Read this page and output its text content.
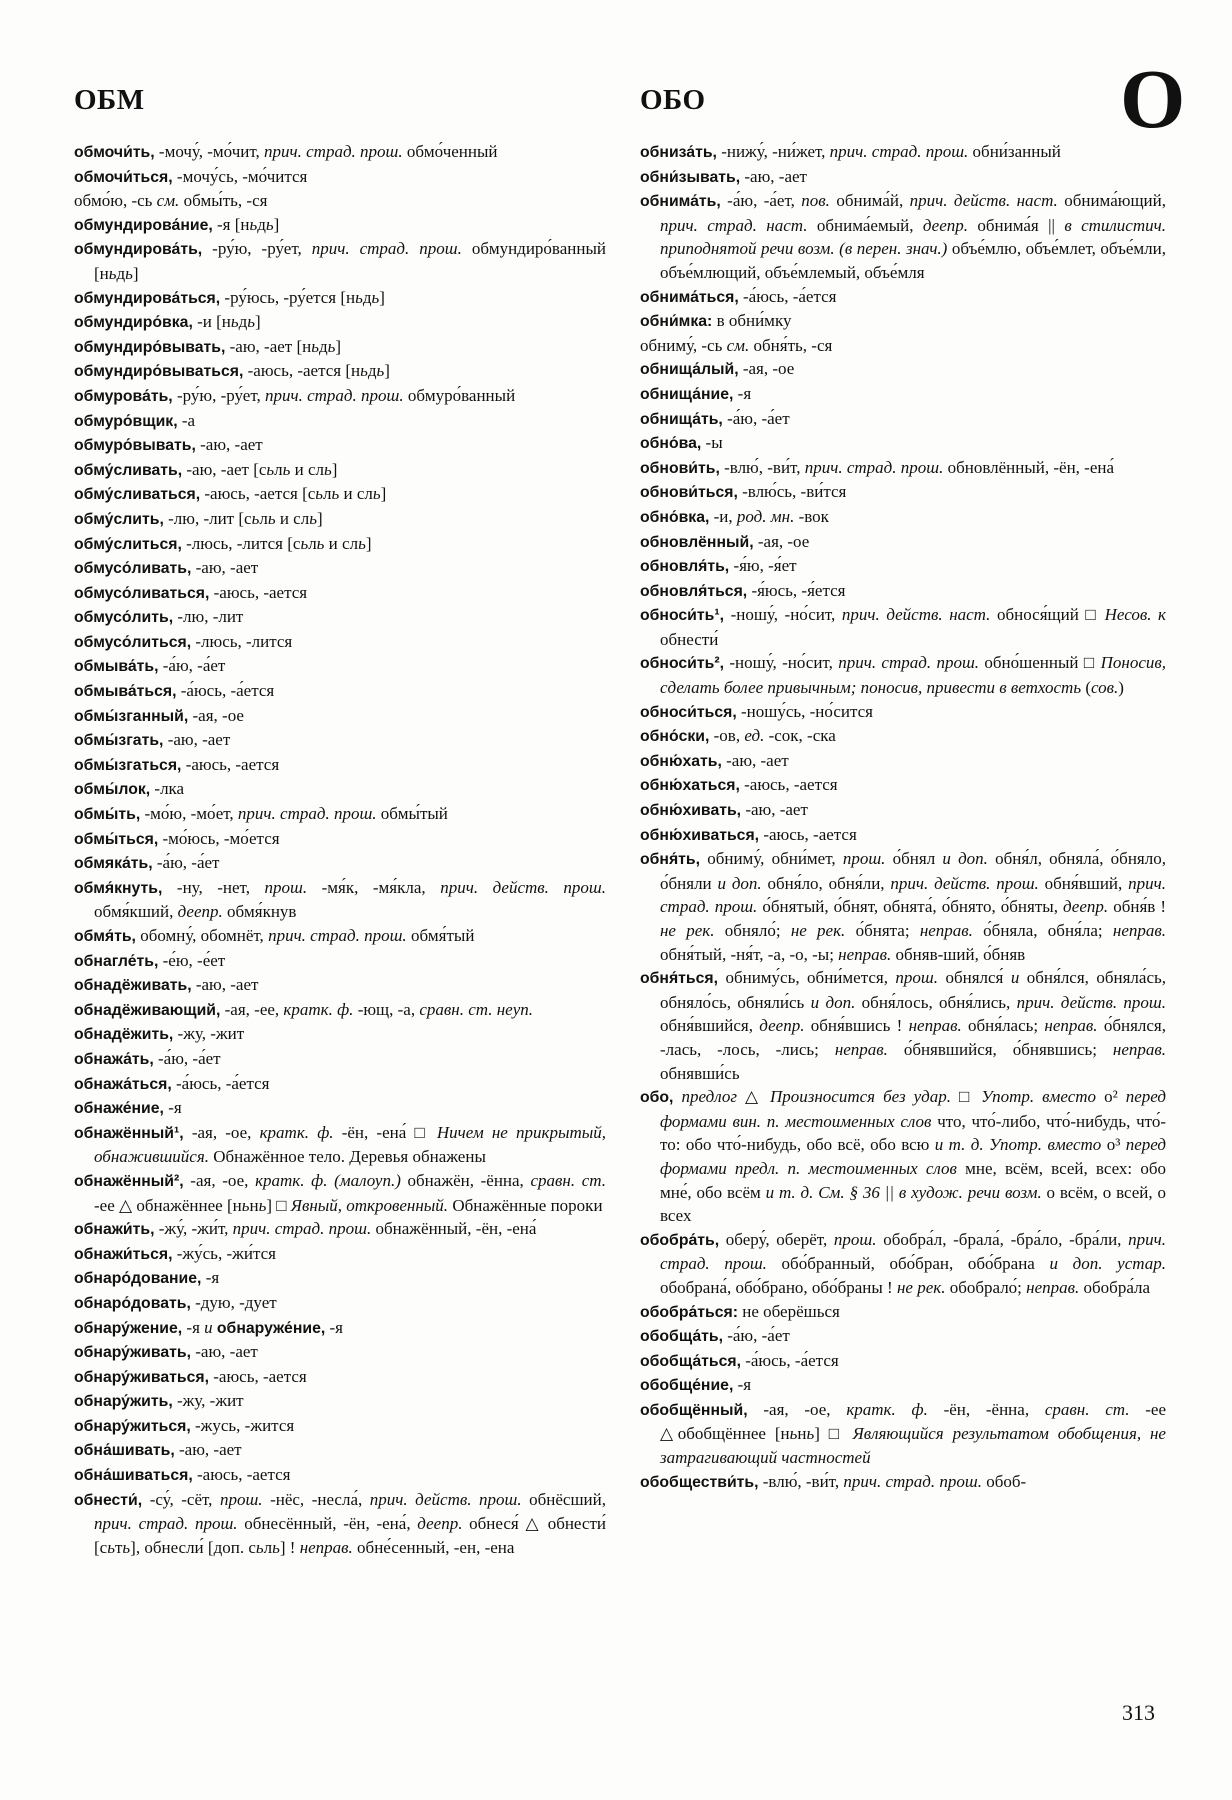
ОБМ	ОБО	О

обмочи́ть, -мочу́, -мо́чит, прич. страд. прош. обмо́ченный

обмочи́ться, -мочу́сь, -мо́чится

обмо́ю, -сь см. обмы́ть, -ся

обмундирова́ние, -я [ньдь]

обмундирова́ть, -ру́ю, -ру́ет, прич. страд. прош. обмундиро́ванный [ньдь]

обмундирова́ться, -ру́юсь, -ру́ется [ньдь]

обмундиро́вка, -и [ньдь]

обмундиро́вывать, -аю, -ает [ньдь]

обмундиро́вываться, -аюсь, -ается [ньдь]

обмурова́ть, -ру́ю, -ру́ет, прич. страд. прош. обмуро́ванный

обмуро́вщик, -а

обмуро́вывать, -аю, -ает

обму́сливать, -аю, -ает [сьль и сль]

обму́сливаться, -аюсь, -ается [сьль и сль]

обму́слить, -лю, -лит [сьль и сль]

обму́слиться, -люсь, -лится [сьль и сль]

обмусо́ливать, -аю, -ает

обмусо́ливаться, -аюсь, -ается

обмусо́лить, -лю, -лит

обмусо́литься, -люсь, -лится

обмыва́ть, -а́ю, -а́ет

обмыва́ться, -а́юсь, -а́ется

обмы́зганный, -ая, -ое

обмы́згать, -аю, -ает

обмы́згаться, -аюсь, -ается

обмы́лок, -лка

обмы́ть, -мо́ю, -мо́ет, прич. страд. прош. обмы́тый

обмы́ться, -мо́юсь, -мо́ется

обмяка́ть, -а́ю, -а́ет

обмя́кнуть, -ну, -нет, прош. -мя́к, -мя́кла, прич. действ. прош. обмя́кший, деепр. обмя́кнув

обмя́ть, обомну́, обомнёт, прич. страд. прош. обмя́тый

обнагле́ть, -е́ю, -е́ет

обнадёживать, -аю, -ает

обнадёживающий, -ая, -ее, кратк. ф. -ющ, -а, сравн. ст. неуп.

обнадёжить, -жу, -жит

обнажа́ть, -а́ю, -а́ет

обнажа́ться, -а́юсь, -а́ется

обнаже́ние, -я

обнажённый¹, -ая, -ое, кратк. ф. -ён, -ена́ □ Ничем не прикрытый, обнажившийся. Обнажённое тело. Деревья обнажены

обнажённый², -ая, -ое, кратк. ф. (малоуп.) обнажён, -ённа, сравн. ст. -ее △ обнажённее [ньнь] □ Явный, откровенный. Обнажённые пороки

обнажи́ть, -жу́, -жи́т, прич. страд. прош. обнажённый, -ён, -ена́

обнажи́ться, -жу́сь, -жи́тся

обнаро́дование, -я

обнаро́довать, -дую, -дует

обнару́жение, -я и обнаруже́ние, -я

обнару́живать, -аю, -ает

обнару́живаться, -аюсь, -ается

обнару́жить, -жу, -жит

обнару́житься, -жусь, -жится

обна́шивать, -аю, -ает

обна́шиваться, -аюсь, -ается

обнести́, -су́, -сёт, прош. -нёс, -несла́, прич. действ. прош. обнёсший, прич. страд. прош. обнесённый, -ён, -ена́, деепр. обнеся́ △ обнести́ [сьть], обнесли́ [доп. сьль] ! неправ. обне́сенный, -ен, -ена

обниза́ть, -нижу́, -ни́жет, прич. страд. прош. обни́занный

обни́зывать, -аю, -ает

обнима́ть, -а́ю, -а́ет, пов. обнима́й, прич. действ. наст. обнима́ющий, прич. страд. наст. обнима́емый, деепр. обнима́я || в стилистич. приподнятой речи возм. (в перен. знач.) объе́млю, объе́млет, объе́мли, объе́млющий, объе́млемый, объе́мля

обнима́ться, -а́юсь, -а́ется

обни́мка: в обни́мку

обниму́, -сь см. обня́ть, -ся

обнища́лый, -ая, -ое

обнища́ние, -я

обнища́ть, -а́ю, -а́ет

обно́ва, -ы

обнови́ть, -влю́, -ви́т, прич. страд. прош. обновлённый, -ён, -ена́

обнови́ться, -влю́сь, -ви́тся

обно́вка, -и, род. мн. -вок

обновлённый, -ая, -ое

обновля́ть, -я́ю, -я́ет

обновля́ться, -я́юсь, -я́ется

обноси́ть¹, -ношу́, -но́сит, прич. действ. наст. обнося́щий □ Несов. к обнести́

обноси́ть², -ношу́, -но́сит, прич. страд. прош. обно́шенный □ Поносив, сделать более привычным; поносив, привести в ветхость (сов.)

обноси́ться, -ношу́сь, -но́сится

обно́ски, -ов, ед. -сок, -ска

обню́хать, -аю, -ает

обню́хаться, -аюсь, -ается

обню́хивать, -аю, -ает

обню́хиваться, -аюсь, -ается

обня́ть, обниму́, обни́мет, прош. о́бнял и доп. обня́л, обняла́, о́бняло, о́бняли и доп. обня́ло, обня́ли, прич. действ. прош. обня́вший, прич. страд. прош. о́бнятый, о́бнят, обнята́, о́бнято, о́бняты, деепр. обня́в ! не рек. обняло́; не рек. о́бнята; неправ. о́бняла, обня́ла; неправ. обня́тый, -ня́т, -а, -о, -ы; неправ. обняв-ший, о́бняв

обня́ться, обниму́сь, обни́мется, прош. обнялся́ и обня́лся, обняла́сь, обняло́сь, обняли́сь и доп. обня́лось, обня́лись, прич. действ. прош. обня́вшийся, деепр. обня́вшись ! неправ. обня́лась; неправ. о́бнялся, -лась, -лось, -лись; неправ. о́бнявшийся, о́бнявшись; неправ. обнявши́сь

обо, предлог △ Произносится без удар. □ Употр. вместо о² перед формами вин. п. местоименных слов что, что́-либо, что́-нибудь, что́-то: обо что́-нибудь, обо всё, обо всю и т. д. Употр. вместо о³ перед формами предл. п. местоименных слов мне, всём, всей, всех: обо мне́, обо всём и т. д. См. § 36 || в худож. речи возм. о всём, о всей, о всех

обобра́ть, оберу́, оберёт, прош. обобра́л, -брала́, -бра́ло, -бра́ли, прич. страд. прош. обо́бранный, обо́бран, обо́брана и доп. устар. обобрана́, обо́брано, обо́браны ! не рек. обобрало́; неправ. обобра́ла

обобра́ться: не оберёшься

обобща́ть, -а́ю, -а́ет

обобща́ться, -а́юсь, -а́ется

обобще́ние, -я

обобщённый, -ая, -ое, кратк. ф. -ён, -ённа, сравн. ст. -ее △обобщённее [ньнь] □ Являющийся результатом обобщения, не затрагивающий частностей

обобществи́ть, -влю́, -ви́т, прич. страд. прош. обоб-

313
